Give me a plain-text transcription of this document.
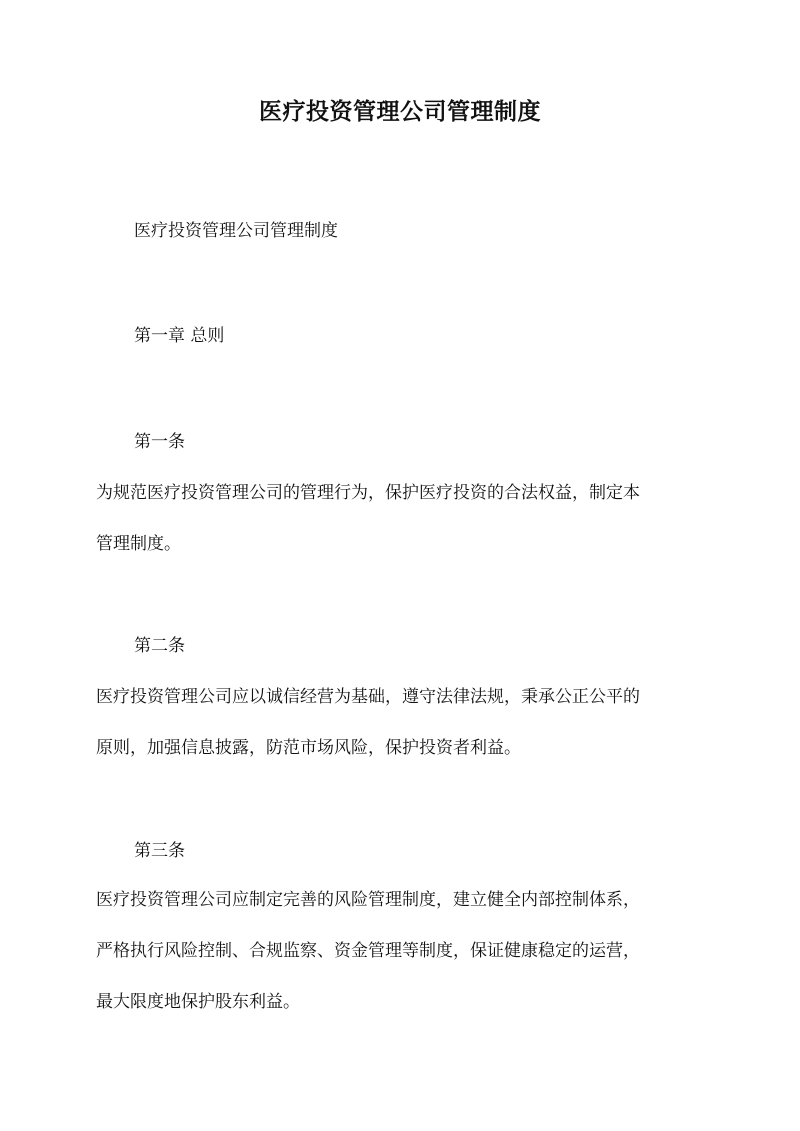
医疗投资管理公司管理制度
医疗投资管理公司管理制度
第一章 总则
第一条
为规范医疗投资管理公司的管理行为，保护医疗投资的合法权益，制定本
管理制度。
第二条
医疗投资管理公司应以诚信经营为基础，遵守法律法规，秉承公正公平的
原则，加强信息披露，防范市场风险，保护投资者利益。
第三条
医疗投资管理公司应制定完善的风险管理制度，建立健全内部控制体系，
严格执行风险控制、合规监察、资金管理等制度，保证健康稳定的运营，
最大限度地保护股东利益。
